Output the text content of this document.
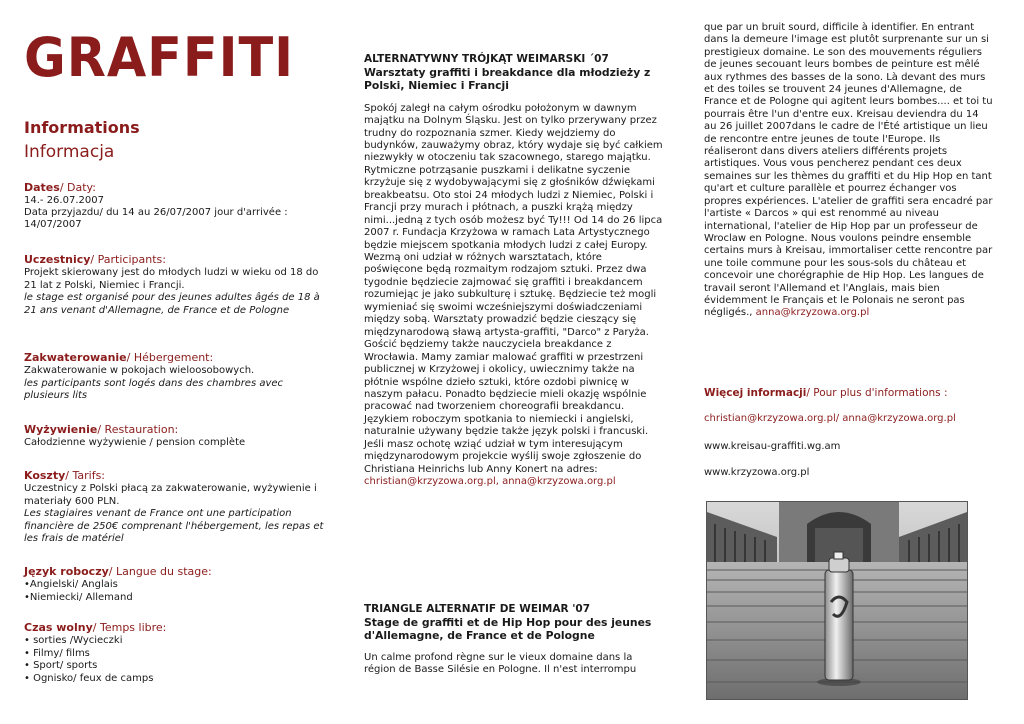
GRAFFITI
Informations
Informacja
Dates/ Daty:
14.- 26.07.2007
Data przyjazdu/ du 14 au 26/07/2007 jour d'arrivée :
14/07/2007
Uczestnicy/ Participants:
Projekt skierowany jest do młodych ludzi w wieku od 18 do 21 lat z Polski, Niemiec i Francji.
le stage est organisé pour des jeunes adultes âgés de 18 à 21 ans venant d'Allemagne, de France et de Pologne
Zakwaterowanie/ Hébergement:
Zakwaterowanie w pokojach wieloosobowych.
les participants sont logés dans des chambres avec plusieurs lits
Wyżywienie/ Restauration:
Całodzienne wyżywienie / pension complète
Koszty/ Tarifs:
Uczestnicy z Polski płacą za zakwaterowanie, wyżywienie i materiały 600 PLN.
Les stagiaires venant de France ont une participation financière de 250€ comprenant l'hébergement, les repas et les frais de matériel
Język roboczy/ Langue du stage:
•Angielski/ Anglais
•Niemiecki/ Allemand
Czas wolny/ Temps libre:
• sorties /Wycieczki
• Filmy/ films
• Sport/ sports
• Ognisko/ feux de camps
ALTERNATYWNY TRÓJKĄT WEIMARSKI ´07
Warsztaty graffiti i breakdance dla młodzieży z Polski, Niemiec i Francji
Spokój zaległ na całym ośrodku położonym w dawnym majątku na Dolnym Śląsku. Jest on tylko przerywany przez trudny do rozpoznania szmer. Kiedy wejdziemy do budynków, zauważymy obraz, który wydaje się być całkiem niezwykły w otoczeniu tak szacownego, starego majątku. Rytmiczne potrząsanie puszkami i delikatne syczenie krzyżuje się z wydobywającymi się z głośników dźwiękami breakbeatsu. Oto stoi 24 młodych ludzi z Niemiec, Polski i Francji przy murach i płótnach, a puszki krążą między nimi...jedną z tych osób możesz być Ty!!! Od 14 do 26 lipca 2007 r. Fundacja Krzyżowa w ramach Lata Artystycznego będzie miejscem spotkania młodych ludzi z całej Europy. Wezmą oni udział w różnych warsztatach, które poświęcone będą rozmaitym rodzajom sztuki. Przez dwa tygodnie będziecie zajmować się graffiti i breakdancem rozumiejąc je jako subkulturę i sztukę. Będziecie też mogli wymieniać się swoimi wcześniejszymi doświadczeniami między sobą. Warsztaty prowadzić będzie cieszący się międzynarodową sławą artysta-graffiti, "Darco" z Paryża. Gościć będziemy także nauczyciela breakdance z Wrocławia. Mamy zamiar malować graffiti w przestrzeni publicznej w Krzyżowej i okolicy, uwiecznimy także na płótnie wspólne dzieło sztuki, które ozdobi piwnicę w naszym pałacu. Ponadto będziecie mieli okazję wspólnie pracować nad tworzeniem choreografii breakdancu. Językiem roboczym spotkania to niemiecki i angielski, naturalnie używany będzie także język polski i francuski. Jeśli masz ochotę wziąć udział w tym interesującym międzynarodowym projekcie wyślij swoje zgłoszenie do Christiana Heinrichs lub Anny Konert na adres:
christian@krzyzowa.org.pl, anna@krzyzowa.org.pl
TRIANGLE ALTERNATIF DE WEIMAR '07
Stage de graffiti et de Hip Hop pour des jeunes d'Allemagne, de France et de Pologne
Un calme profond règne sur le vieux domaine dans la région de Basse Silésie en Pologne. Il n'est interrompu
que par un bruit sourd, difficile à identifier. En entrant dans la demeure l'image est plutôt surprenante sur un si prestigieux domaine. Le son des mouvements réguliers de jeunes secouant leurs bombes de peinture est mêlé aux rythmes des basses de la sono. Là devant des murs et des toiles se trouvent 24 jeunes d'Allemagne, de France et de Pologne qui agitent leurs bombes.... et toi tu pourrais être l'un d'entre eux. Kreisau deviendra du 14 au 26 juillet 2007dans le cadre de l'Été artistique un lieu de rencontre entre jeunes de toute l'Europe. Ils réaliseront dans divers ateliers différents projets artistiques. Vous vous pencherez pendant ces deux semaines sur les thèmes du graffiti et du Hip Hop en tant qu'art et culture parallèle et pourrez échanger vos propres expériences. L'atelier de graffiti sera encadré par l'artiste « Darcos » qui est renommé au niveau international, l'atelier de Hip Hop par un professeur de Wroclaw en Pologne. Nous voulons peindre ensemble certains murs à Kreisau, immortaliser cette rencontre par une toile commune pour les sous-sols du château et concevoir une chorégraphie de Hip Hop. Les langues de travail seront l'Allemand et l'Anglais, mais bien évidemment le Français et le Polonais ne seront pas négligés., anna@krzyzowa.org.pl
Więcej informacji/ Pour plus d'informations :
christian@krzyzowa.org.pl/ anna@krzyzowa.org.pl
www.kreisau-graffiti.wg.am
www.krzyzowa.org.pl
